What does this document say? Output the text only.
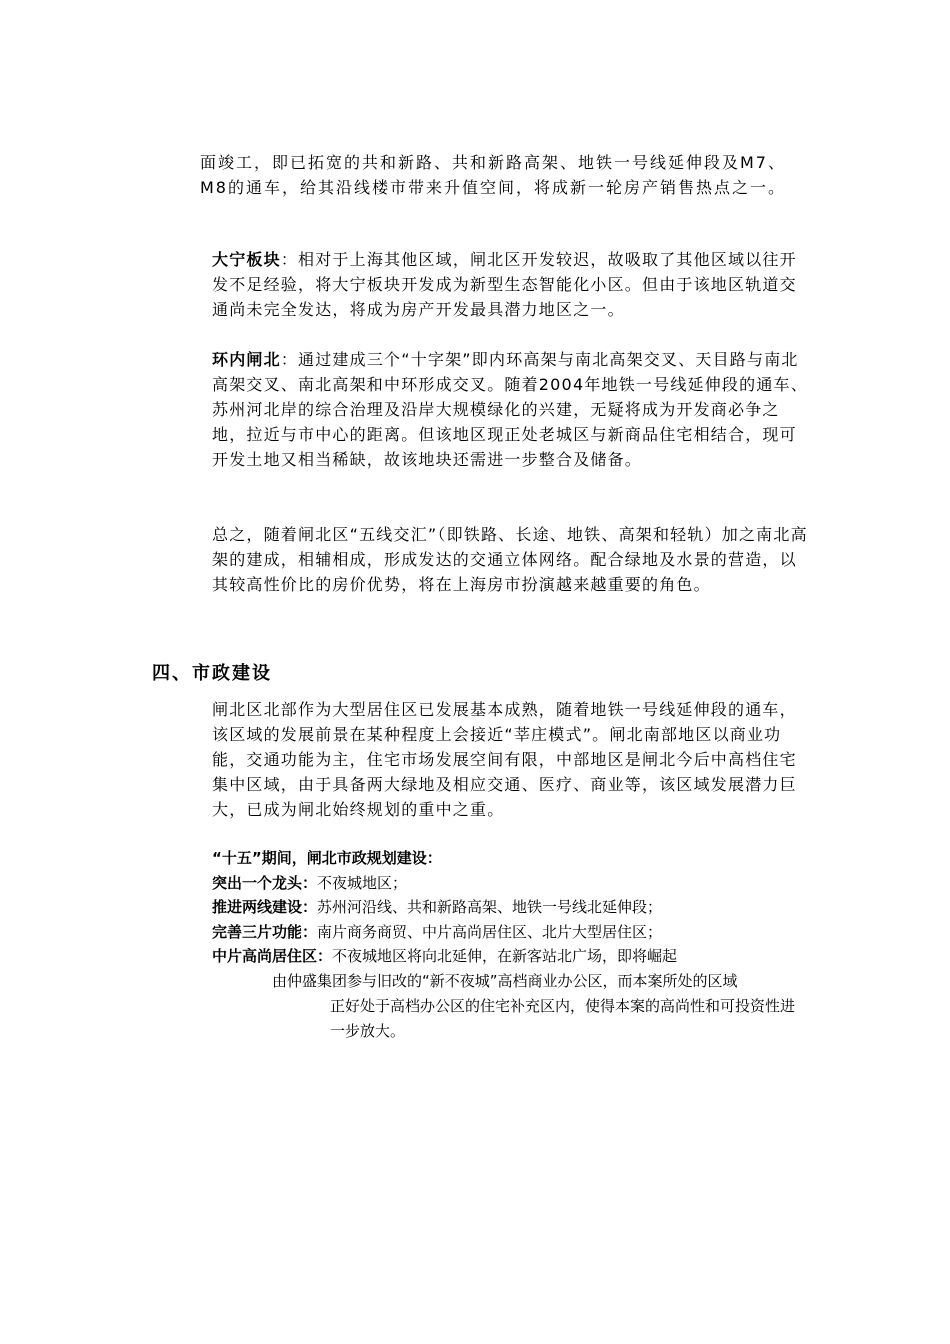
面竣工，即已拓宽的共和新路、共和新路高架、地铁一号线延伸段及M7、M8的通车，给其沿线楼市带来升值空间，将成新一轮房产销售热点之一。

大宁板块：相对于上海其他区域，闸北区开发较迟，故吸取了其他区域以往开发不足经验，将大宁板块开发成为新型生态智能化小区。但由于该地区轨道交通尚未完全发达，将成为房产开发最具潜力地区之一。

环内闸北：通过建成三个“十字架”即内环高架与南北高架交叉、天目路与南北高架交叉、南北高架和中环形成交叉。随着2004年地铁一号线延伸段的通车、苏州河北岸的综合治理及沿岸大规模绿化的兴建，无疑将成为开发商必争之地，拉近与市中心的距离。但该地区现正处老城区与新商品住宅相结合，现可开发土地又相当稀缺，故该地块还需进一步整合及储备。

总之，随着闸北区“五线交汇”（即铁路、长途、地铁、高架和轻轨）加之南北高架的建成，相辅相成，形成发达的交通立体网络。配合绿地及水景的营造，以其较高性价比的房价优势，将在上海房市扮演越来越重要的角色。

四、市政建设

闸北区北部作为大型居住区已发展基本成熟，随着地铁一号线延伸段的通车，该区域的发展前景在某种程度上会接近“莘庄模式”。闸北南部地区以商业功能，交通功能为主，住宅市场发展空间有限，中部地区是闸北今后中高档住宅集中区域，由于具备两大绿地及相应交通、医疗、商业等，该区域发展潜力巨大，已成为闸北始终规划的重中之重。

“十五”期间，闸北市政规划建设：
突出一个龙头：不夜城地区；
推进两线建设：苏州河沿线、共和新路高架、地铁一号线北延伸段；
完善三片功能：南片商务商贸、中片高尚居住区、北片大型居住区；
中片高尚居住区：不夜城地区将向北延伸，在新客站北广场，即将崛起
由仲盛集团参与旧改的“新不夜城”高档商业办公区，而本案所处的区域
正好处于高档办公区的住宅补充区内，使得本案的高尚性和可投资性进一步放大。
